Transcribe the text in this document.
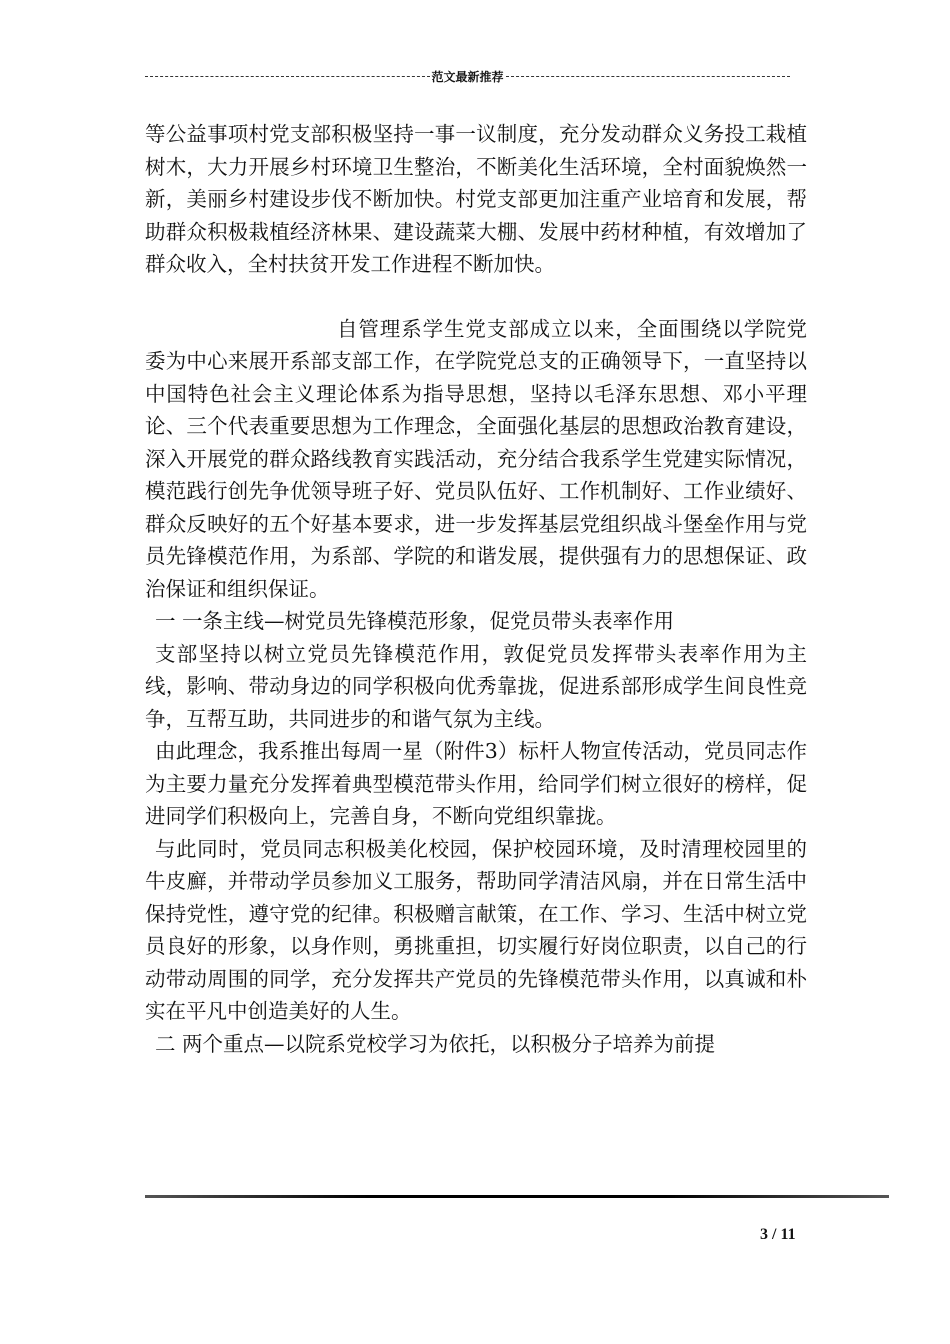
范文最新推荐

等公益事项村党支部积极坚持一事一议制度，充分发动群众义务投工栽植树木，大力开展乡村环境卫生整治，不断美化生活环境，全村面貌焕然一新，美丽乡村建设步伐不断加快。村党支部更加注重产业培育和发展，帮助群众积极栽植经济林果、建设蔬菜大棚、发展中药材种植，有效增加了群众收入，全村扶贫开发工作进程不断加快。

自管理系学生党支部成立以来，全面围绕以学院党委为中心来展开系部支部工作，在学院党总支的正确领导下，一直坚持以中国特色社会主义理论体系为指导思想，坚持以毛泽东思想、邓小平理论、三个代表重要思想为工作理念，全面强化基层的思想政治教育建设，深入开展党的群众路线教育实践活动，充分结合我系学生党建实际情况，模范践行创先争优领导班子好、党员队伍好、工作机制好、工作业绩好、群众反映好的五个好基本要求，进一步发挥基层党组织战斗堡垒作用与党员先锋模范作用，为系部、学院的和谐发展，提供强有力的思想保证、政治保证和组织保证。

一 一条主线—树党员先锋模范形象，促党员带头表率作用

支部坚持以树立党员先锋模范作用，敦促党员发挥带头表率作用为主线，影响、带动身边的同学积极向优秀靠拢，促进系部形成学生间良性竞争，互帮互助，共同进步的和谐气氛为主线。

由此理念，我系推出每周一星（附件3）标杆人物宣传活动，党员同志作为主要力量充分发挥着典型模范带头作用，给同学们树立很好的榜样，促进同学们积极向上，完善自身，不断向党组织靠拢。

与此同时，党员同志积极美化校园，保护校园环境，及时清理校园里的牛皮廯，并带动学员参加义工服务，帮助同学清洁风扇，并在日常生活中保持党性，遵守党的纪律。积极赠言献策，在工作、学习、生活中树立党员良好的形象，以身作则，勇挑重担，切实履行好岗位职责，以自己的行动带动周围的同学，充分发挥共产党员的先锋模范带头作用，以真诚和朴实在平凡中创造美好的人生。

二 两个重点—以院系党校学习为依托，以积极分子培养为前提

3 / 11
